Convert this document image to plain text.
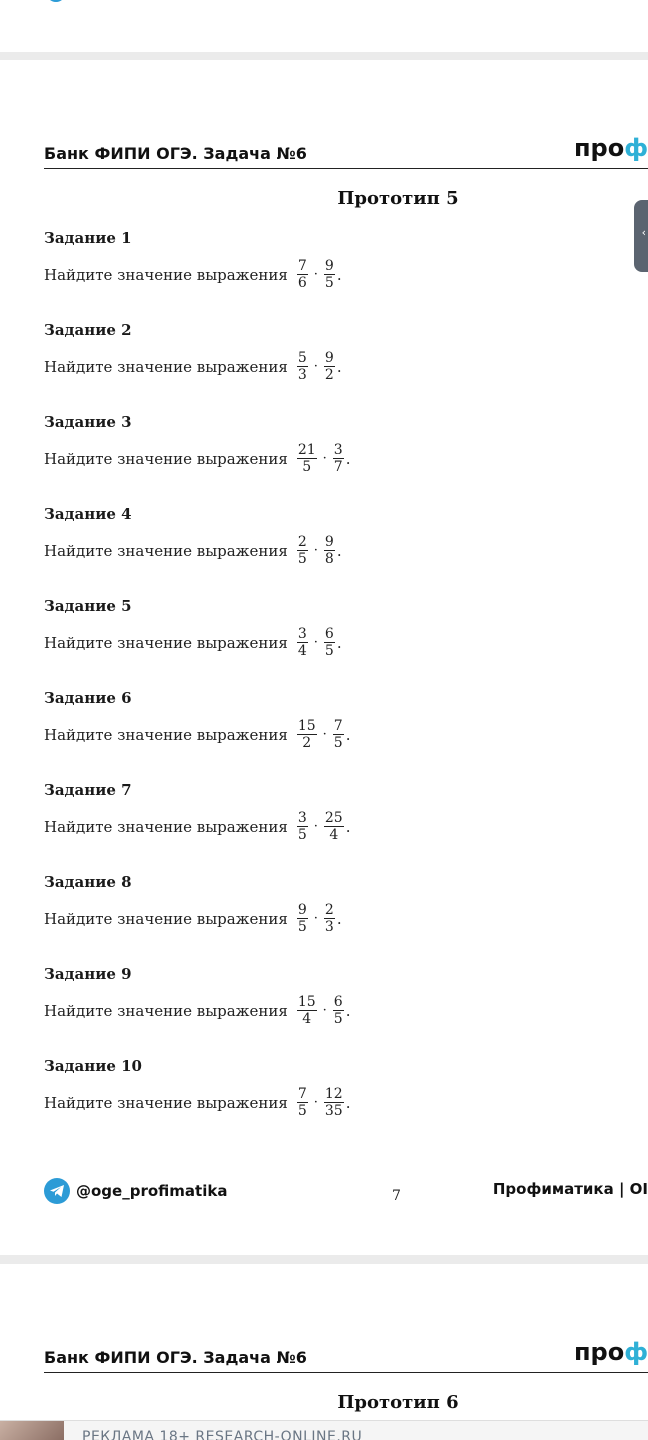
Банк ФИПИ ОГЭ. Задача №6	проф
Прототип 5
Задание 1
Найдите значение выражения $\frac{7}{6} \cdot \frac{9}{5}$ .
Задание 2
Найдите значение выражения $\frac{5}{3} \cdot \frac{9}{2}$ .
Задание 3
Найдите значение выражения $\frac{21}{5} \cdot \frac{3}{7}$ .
Задание 4
Найдите значение выражения $\frac{2}{5} \cdot \frac{9}{8}$ .
Задание 5
Найдите значение выражения $\frac{3}{4} \cdot \frac{6}{5}$ .
Задание 6
Найдите значение выражения $\frac{15}{2} \cdot \frac{7}{5}$ .
Задание 7
Найдите значение выражения $\frac{3}{5} \cdot \frac{25}{4}$ .
Задание 8
Найдите значение выражения $\frac{9}{5} \cdot \frac{2}{3}$ .
Задание 9
Найдите значение выражения $\frac{15}{4} \cdot \frac{6}{5}$ .
Задание 10
Найдите значение выражения $\frac{7}{5} \cdot \frac{12}{35}$ .
‹
@oge_profimatika	7	Профиматика | ОІ
Банк ФИПИ ОГЭ. Задача №6	проф
Прототип 6
РЕКЛАМА 18+ RESEARCH-ONLINE.RU
